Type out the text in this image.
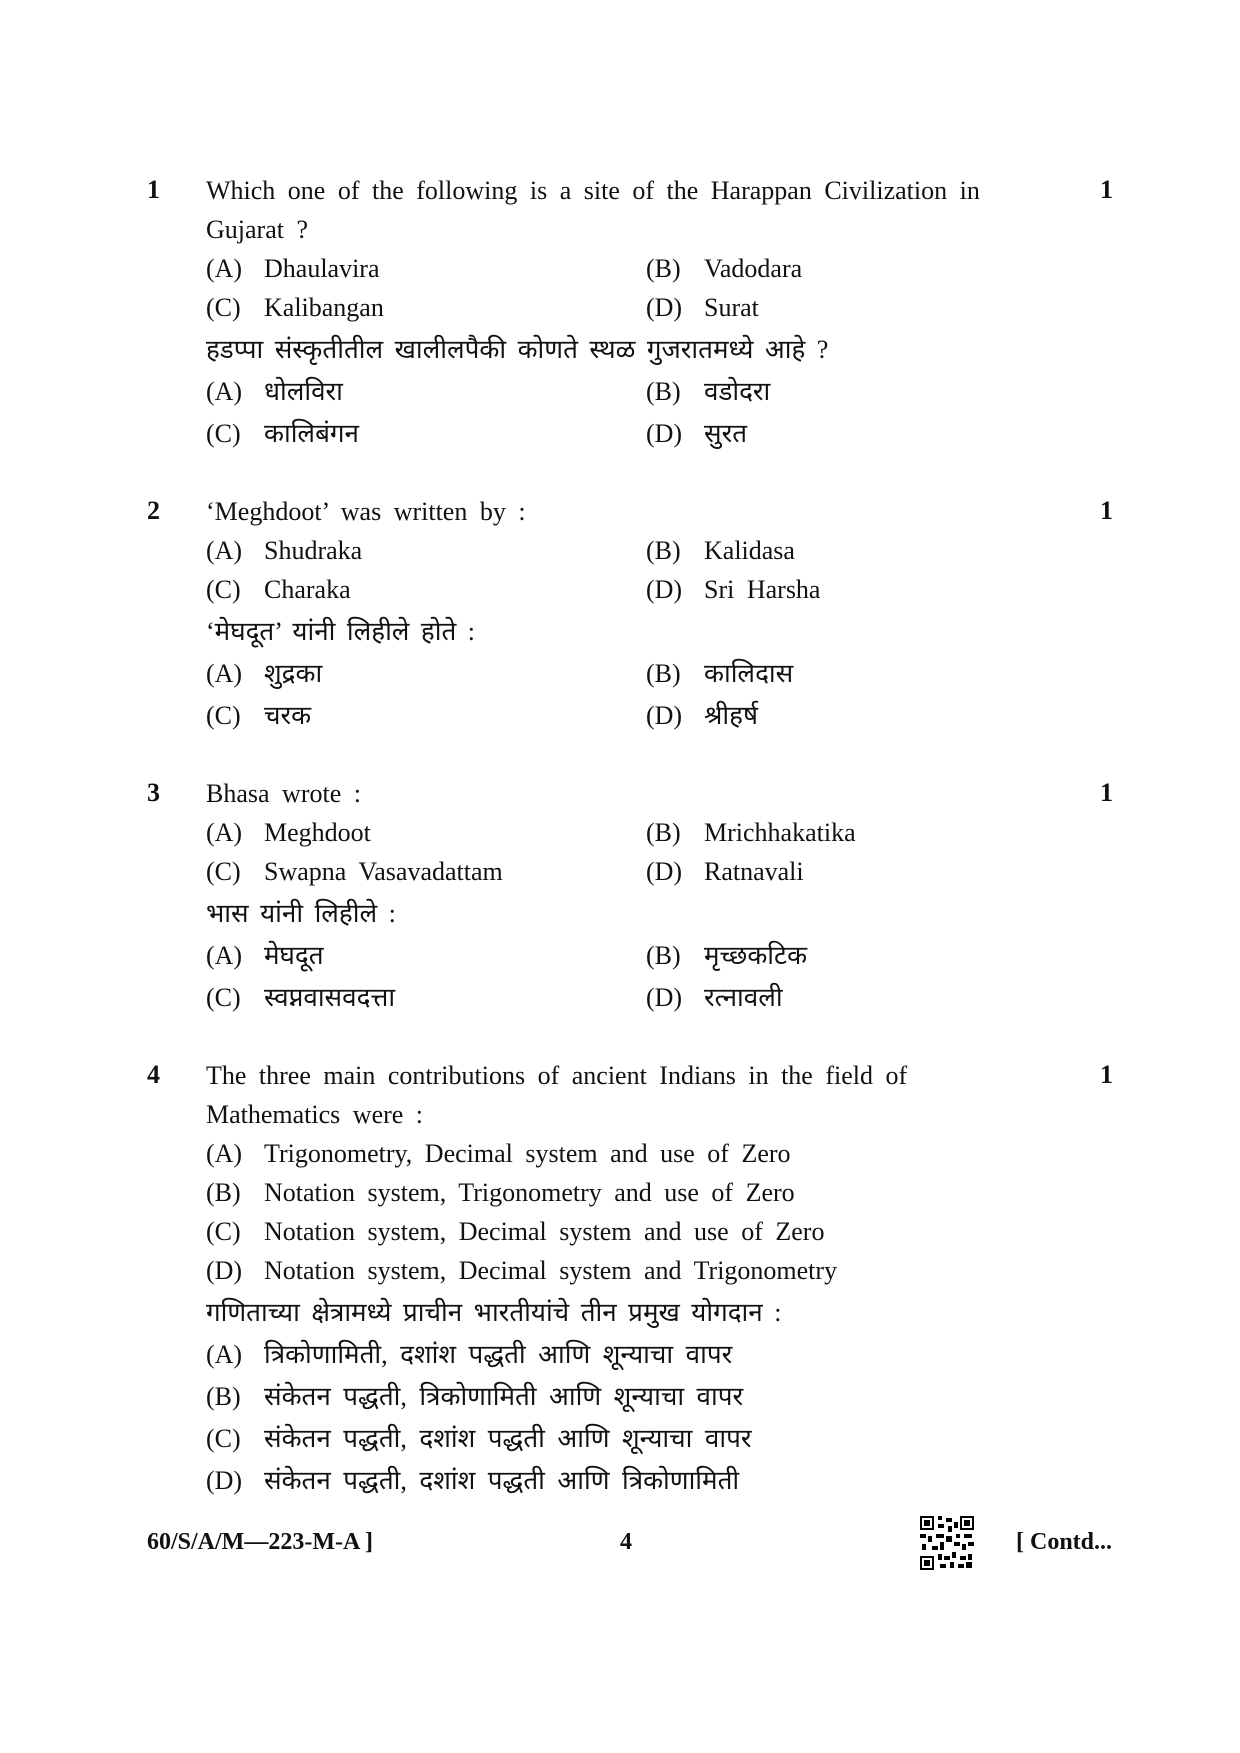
1	1
Which one of the following is a site of the Harappan Civilization in Gujarat ?
(A) Dhaulavira	(B) Vadodara
(C) Kalibangan	(D) Surat
हडप्पा संस्कृतीतील खालीलपैकी कोणते स्थळ गुजरातमध्ये आहे ?
(A) धोलविरा	(B) वडोदरा
(C) कालिबंगन	(D) सुरत
2	1
‘Meghdoot’ was written by :
(A) Shudraka	(B) Kalidasa
(C) Charaka	(D) Sri Harsha
‘मेघदूत’ यांनी लिहीले होते :
(A) शुद्रका	(B) कालिदास
(C) चरक	(D) श्रीहर्ष
3	1
Bhasa wrote :
(A) Meghdoot	(B) Mrichhakatika
(C) Swapna Vasavadattam	(D) Ratnavali
भास यांनी लिहीले :
(A) मेघदूत	(B) मृच्छकटिक
(C) स्वप्नवासवदत्ता	(D) रत्नावली
4	1
The three main contributions of ancient Indians in the field of Mathematics were :
(A) Trigonometry, Decimal system and use of Zero
(B) Notation system, Trigonometry and use of Zero
(C) Notation system, Decimal system and use of Zero
(D) Notation system, Decimal system and Trigonometry
गणिताच्या क्षेत्रामध्ये प्राचीन भारतीयांचे तीन प्रमुख योगदान :
(A) त्रिकोणामिती, दशांश पद्धती आणि शून्याचा वापर
(B) संकेतन पद्धती, त्रिकोणामिती आणि शून्याचा वापर
(C) संकेतन पद्धती, दशांश पद्धती आणि शून्याचा वापर
(D) संकेतन पद्धती, दशांश पद्धती आणि त्रिकोणामिती
60/S/A/M—223-M-A ]	4	[ Contd...
